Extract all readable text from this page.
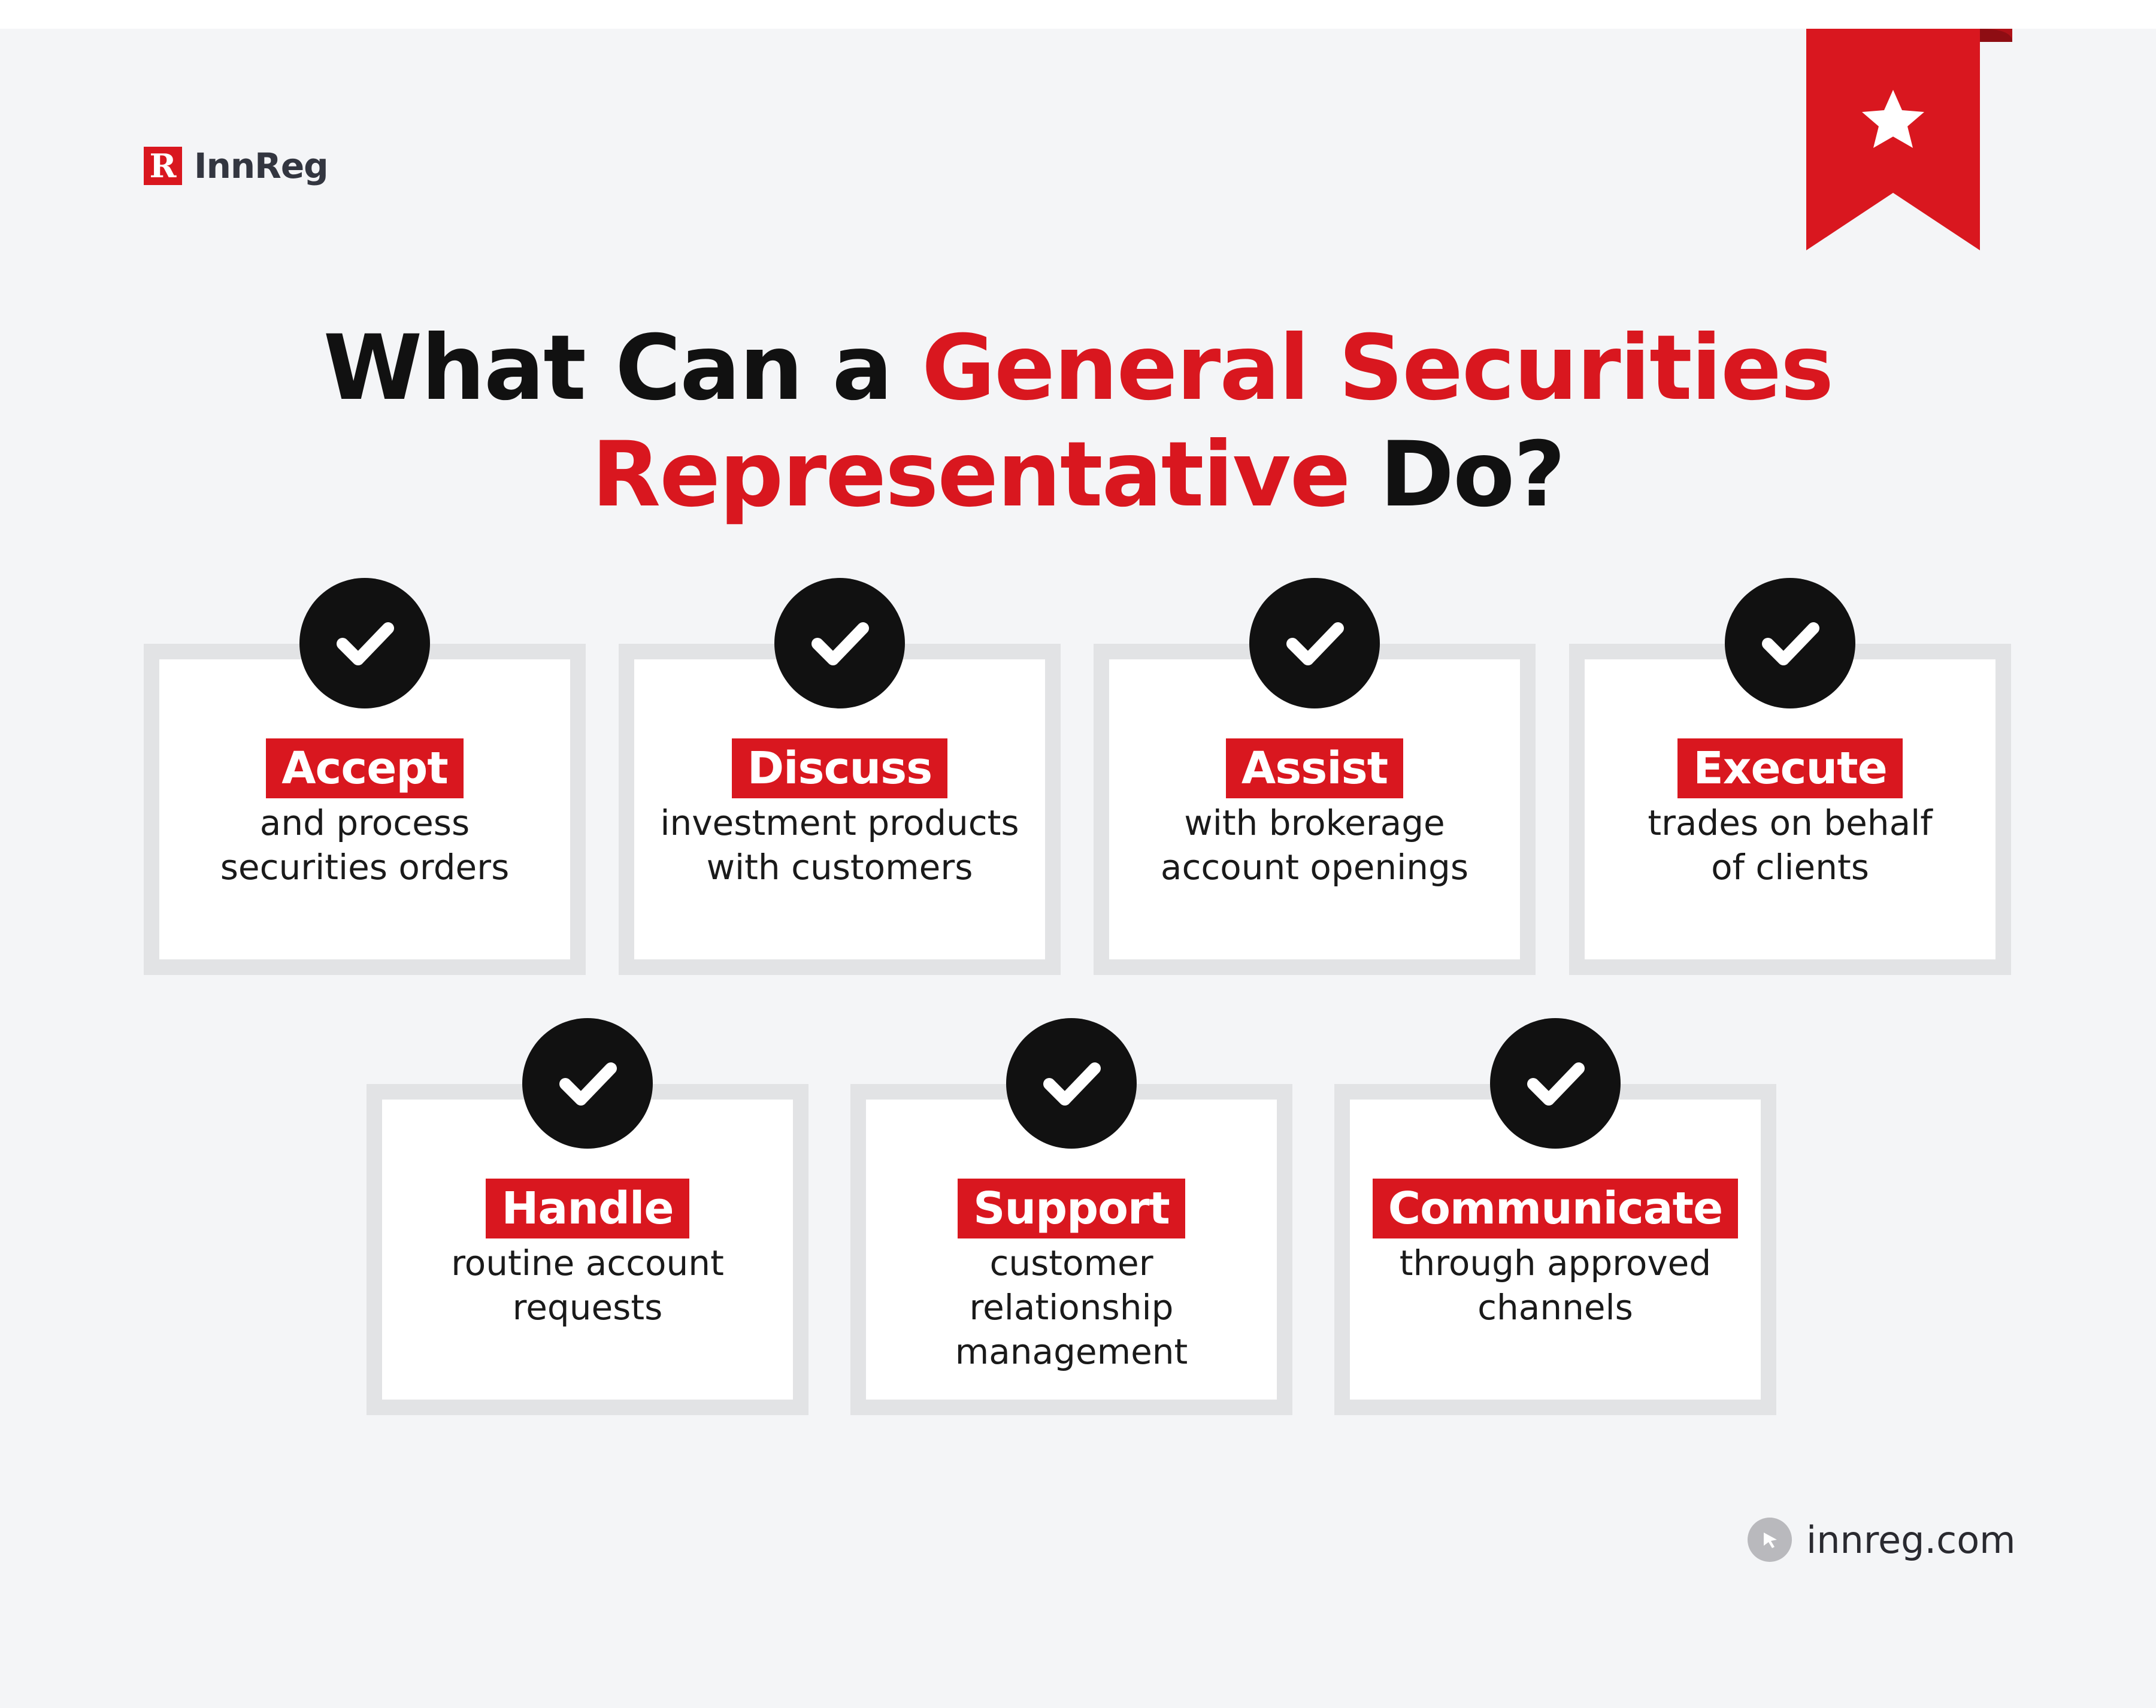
R InnReg
What Can a General Securities
Representative Do?
Accept
and process
securities orders
Discuss
investment products
with customers
Assist
with brokerage
account openings
Execute
trades on behalf
of clients
Handle
routine account
requests
Support
customer
relationship
management
Communicate
through approved
channels
innreg.com
